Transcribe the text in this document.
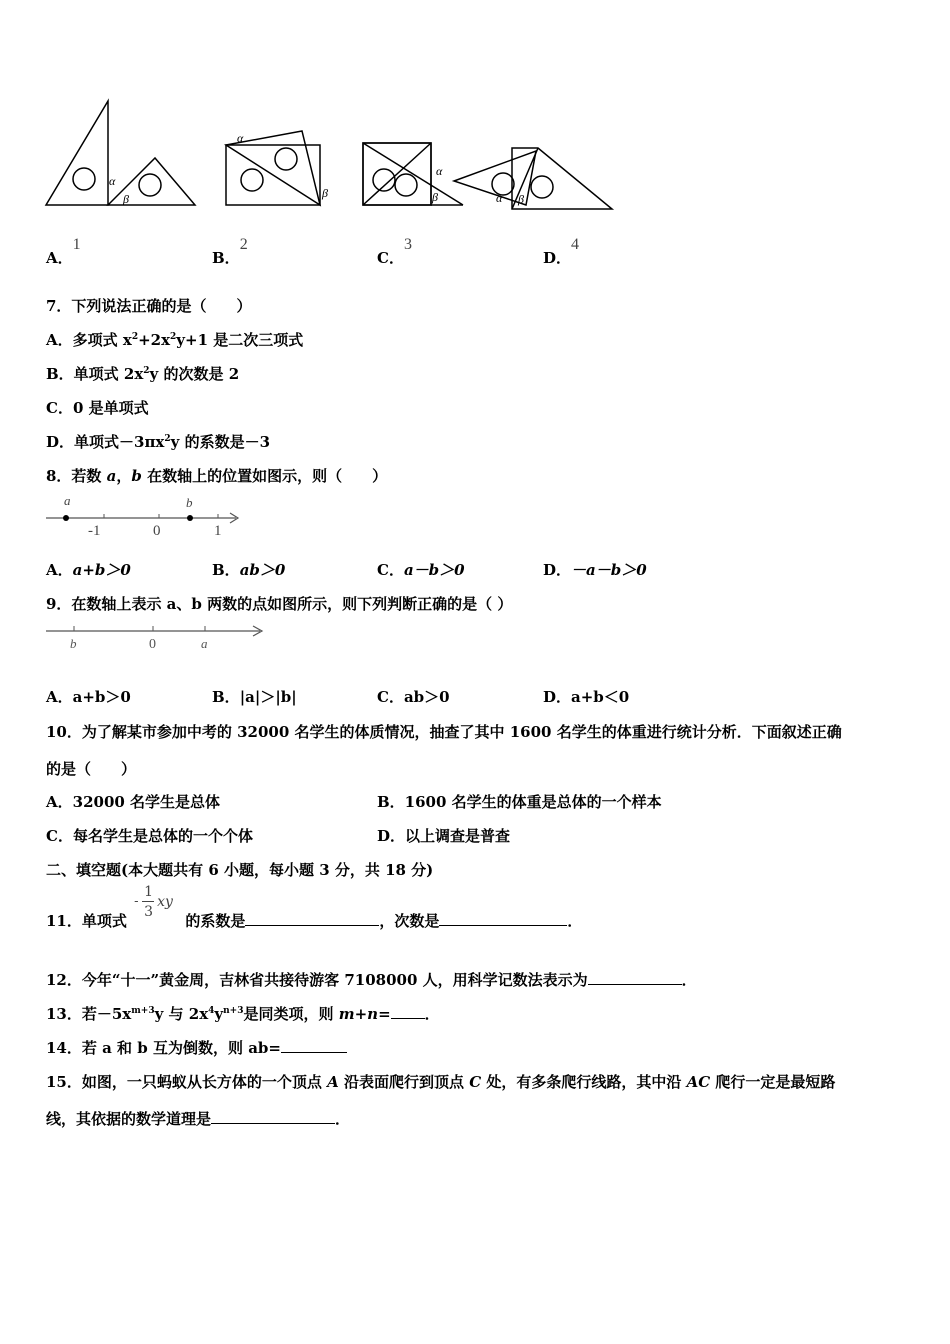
α
β
α
β
α
β	α β
A．1
B．2
C．3
D．4
7．下列说法正确的是（　　）
A．多项式 $x^2+2x^2y+1$ 是二次三项式
B．单项式 $2x^2y$ 的次数是 2
C．0 是单项式
D．单项式$-3\pi x^2y$ 的系数是－3
8．若数 a，b 在数轴上的位置如图示，则（　　）
a	b
-1	0	1
A．a+b＞0	B．ab＞0	C．a－b＞0	D．－a－b＞0
9．在数轴上表示 a、b 两数的点如图所示，则下列判断正确的是（ ）
b	0	a
A．a+b＞0	B．|a|＞|b|	C．ab＞0	D．a+b＜0
10．为了解某市参加中考的 32000 名学生的体质情况，抽查了其中 1600 名学生的体重进行统计分析．下面叙述正确
的是（　　）
A．32000 名学生是总体	B．1600 名学生的体重是总体的一个样本
C．每名学生是总体的一个个体	D．以上调查是普查
二、填空题(本大题共有 6 小题，每小题 3 分，共 18 分)
11．单项式
-
1
3
xy
的系数是	，次数是	．
12．今年“十一”黄金周，吉林省共接待游客 7108000 人，用科学记数法表示为	．
13．若$-5x^{m+3}y$ 与 $2x^4y^{n+3}$是同类项，则 m+n= ．
14．若 a 和 b 互为倒数，则 ab=
15．如图，一只蚂蚁从长方体的一个顶点 A 沿表面爬行到顶点 C 处，有多条爬行线路，其中沿 AC 爬行一定是最短路
线，其依据的数学道理是	．
